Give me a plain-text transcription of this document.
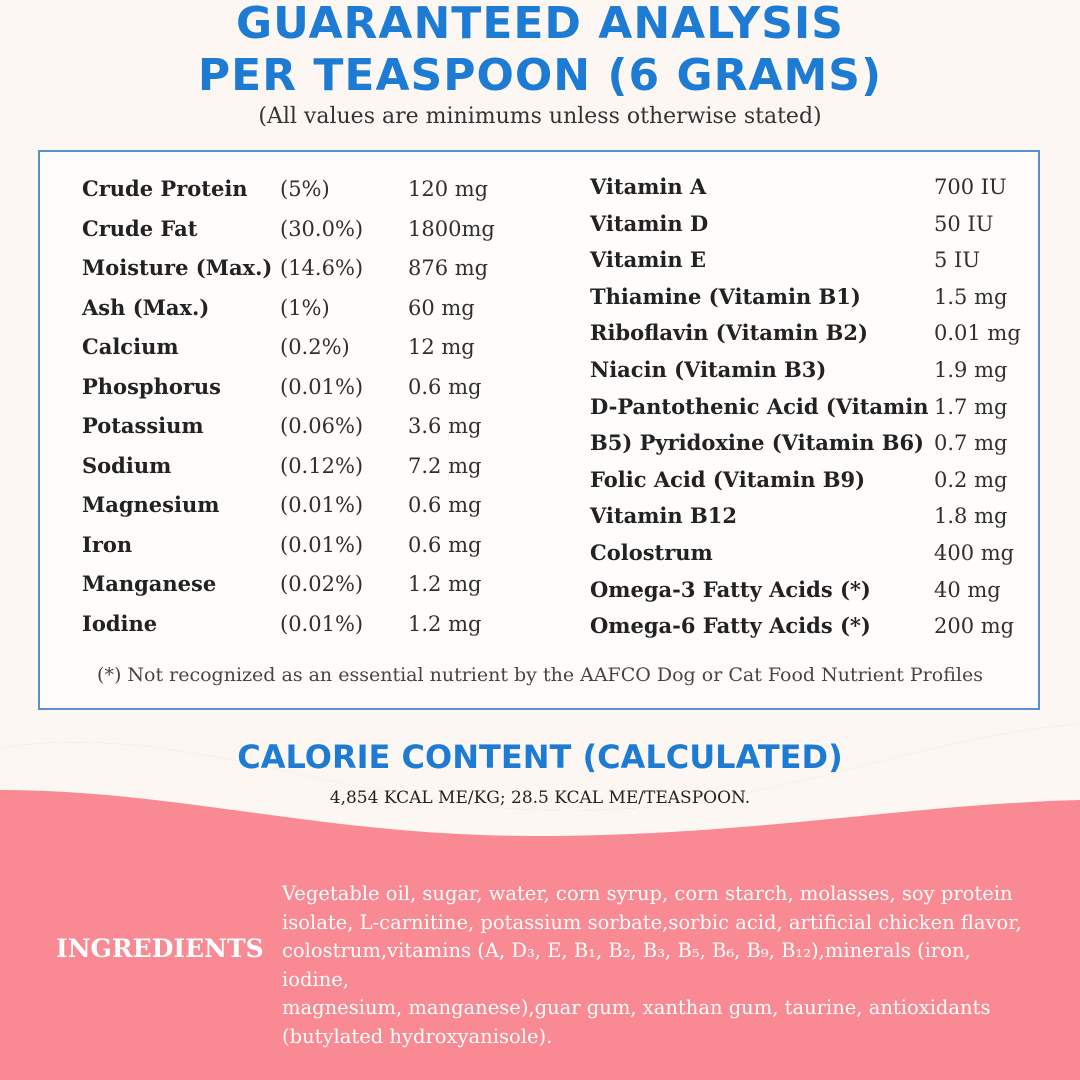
GUARANTEED ANALYSIS
PER TEASPOON (6 GRAMS)
(All values are minimums unless otherwise stated)
Crude Protein (5%)	120 mg
Crude Fat	(30.0%) 1800mg
Moisture (Max.) (14.6%) 876 mg
Ash (Max.)	(1%)	60 mg
Calcium	(0.2%)	12 mg
Phosphorus	(0.01%) 0.6 mg
Potassium	(0.06%) 3.6 mg
Sodium	(0.12%) 7.2 mg
Magnesium	(0.01%) 0.6 mg
Iron	(0.01%) 0.6 mg
Manganese	(0.02%) 1.2 mg
Iodine	(0.01%) 1.2 mg
Vitamin A	700 IU
Vitamin D	50 IU
Vitamin E	5 IU
Thiamine (Vitamin B1)	1.5 mg
Riboflavin (Vitamin B2)	0.01 mg
Niacin (Vitamin B3)	1.9 mg
D-Pantothenic Acid (Vitamin 1.7 mg
B5) Pyridoxine (Vitamin B6) 0.7 mg
Folic Acid (Vitamin B9)	0.2 mg
Vitamin B12	1.8 mg
Colostrum	400 mg
Omega-3 Fatty Acids (*)	40 mg
Omega-6 Fatty Acids (*)	200 mg
(*) Not recognized as an essential nutrient by the AAFCO Dog or Cat Food Nutrient Profiles
CALORIE CONTENT (CALCULATED)
4,854 KCAL ME/KG; 28.5 KCAL ME/TEASPOON.
INGREDIENTS
Vegetable oil, sugar, water, corn syrup, corn starch, molasses, soy protein
isolate, L-carnitine, potassium sorbate,sorbic acid, artificial chicken flavor,
colostrum,vitamins (A, D₃, E, B₁, B₂, B₃, B₅, B₆, B₉, B₁₂),minerals (iron, iodine,
magnesium, manganese),guar gum, xanthan gum, taurine, antioxidants
(butylated hydroxyanisole).
